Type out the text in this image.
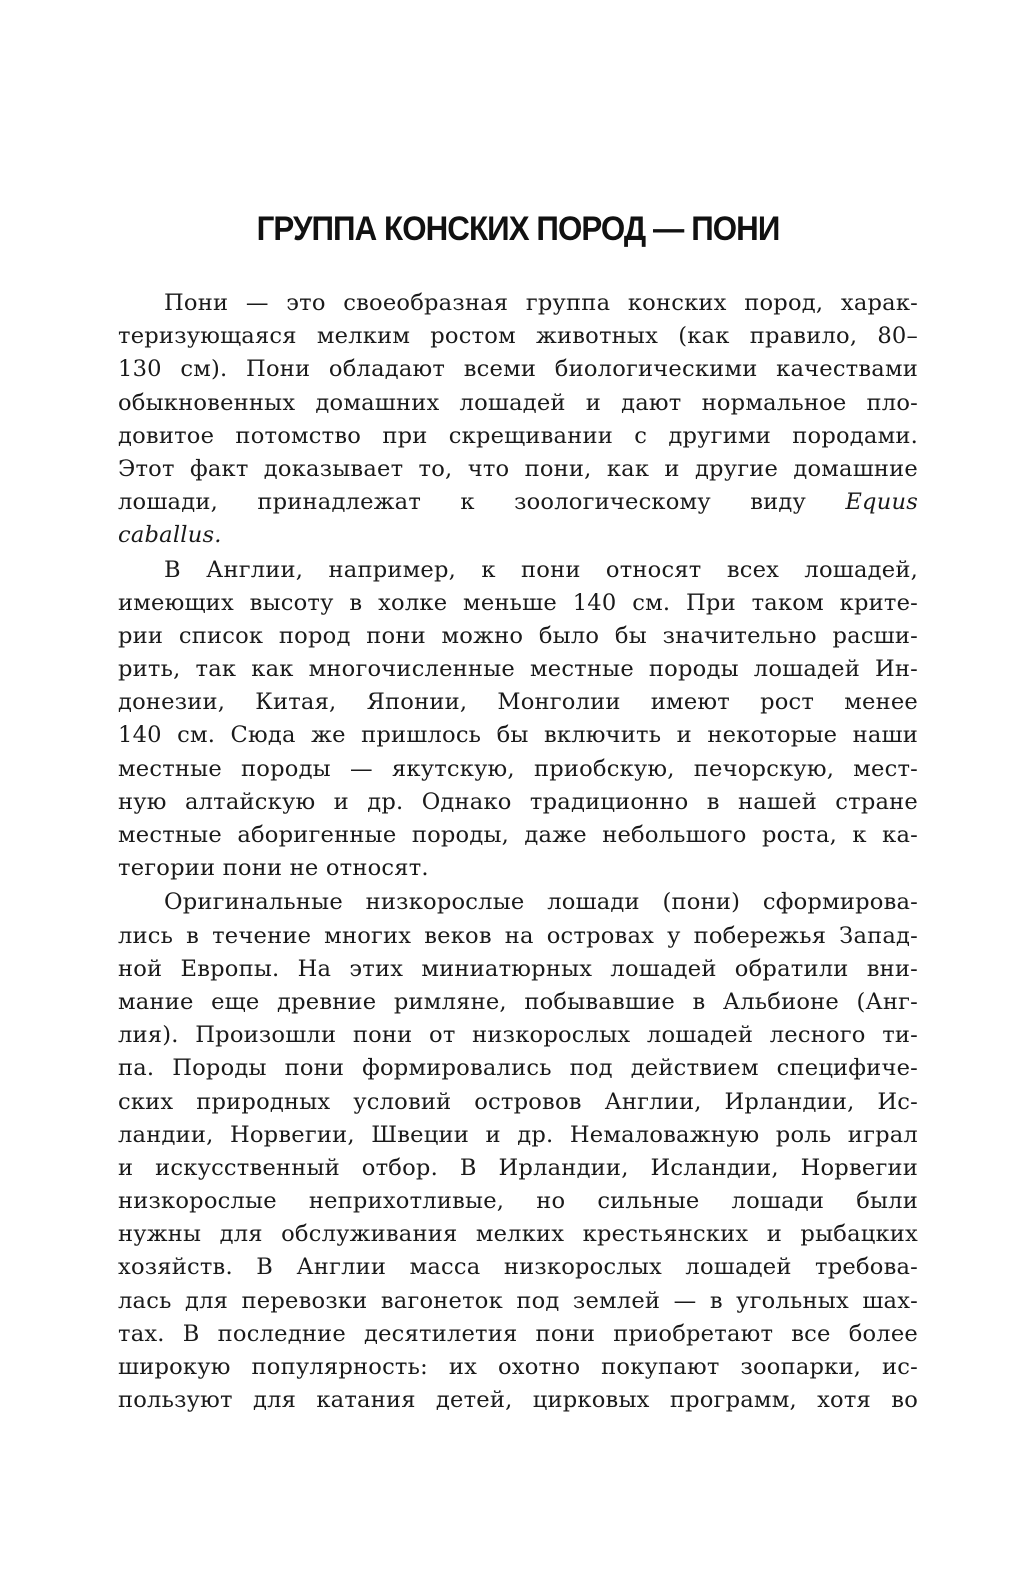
ГРУППА КОНСКИХ ПОРОД — ПОНИ
Пони — это своеобразная группа конских пород, харак-
теризующаяся мелким ростом животных (как правило, 80–
130 см). Пони обладают всеми биологическими качествами
обыкновенных домашних лошадей и дают нормальное пло-
довитое потомство при скрещивании с другими породами.
Этот факт доказывает то, что пони, как и другие домашние
лошади, принадлежат к зоологическому виду Equus
caballus.
В Англии, например, к пони относят всех лошадей,
имеющих высоту в холке меньше 140 см. При таком крите-
рии список пород пони можно было бы значительно расши-
рить, так как многочисленные местные породы лошадей Ин-
донезии, Китая, Японии, Монголии имеют рост менее
140 см. Сюда же пришлось бы включить и некоторые наши
местные породы — якутскую, приобскую, печорскую, мест-
ную алтайскую и др. Однако традиционно в нашей стране
местные аборигенные породы, даже небольшого роста, к ка-
тегории пони не относят.
Оригинальные низкорослые лошади (пони) сформирова-
лись в течение многих веков на островах у побережья Запад-
ной Европы. На этих миниатюрных лошадей обратили вни-
мание еще древние римляне, побывавшие в Альбионе (Анг-
лия). Произошли пони от низкорослых лошадей лесного ти-
па. Породы пони формировались под действием специфиче-
ских природных условий островов Англии, Ирландии, Ис-
ландии, Норвегии, Швеции и др. Немаловажную роль играл
и искусственный отбор. В Ирландии, Исландии, Норвегии
низкорослые неприхотливые, но сильные лошади были
нужны для обслуживания мелких крестьянских и рыбацких
хозяйств. В Англии масса низкорослых лошадей требова-
лась для перевозки вагонеток под землей — в угольных шах-
тах. В последние десятилетия пони приобретают все более
широкую популярность: их охотно покупают зоопарки, ис-
пользуют для катания детей, цирковых программ, хотя во
